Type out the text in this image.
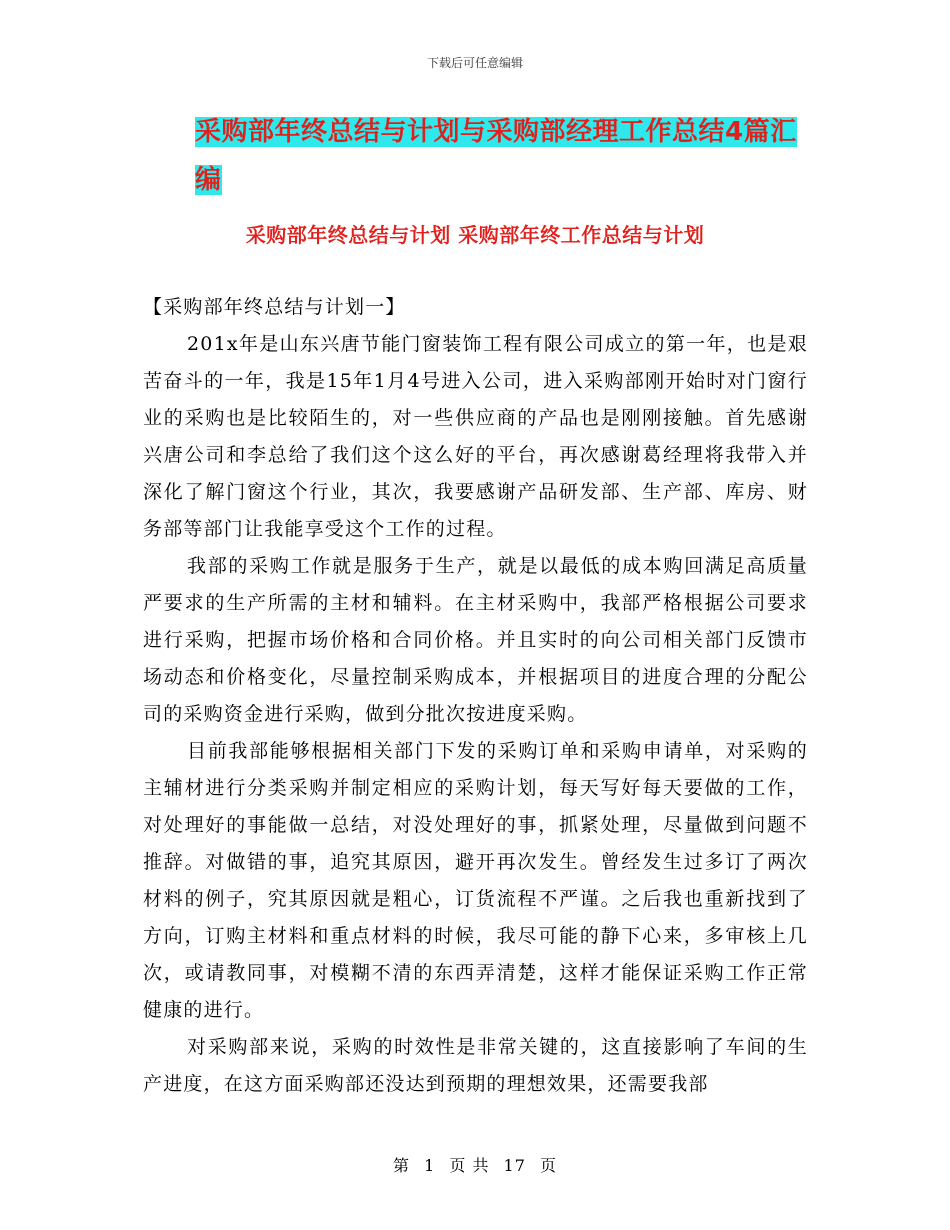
下载后可任意编辑
采购部年终总结与计划与采购部经理工作总结4篇汇编
采购部年终总结与计划 采购部年终工作总结与计划

【采购部年终总结与计划一】

201x年是山东兴唐节能门窗装饰工程有限公司成立的第一年，也是艰苦奋斗的一年，我是15年1月4号进入公司，进入采购部刚开始时对门窗行业的采购也是比较陌生的，对一些供应商的产品也是刚刚接触。首先感谢兴唐公司和李总给了我们这个这么好的平台，再次感谢葛经理将我带入并深化了解门窗这个行业，其次，我要感谢产品研发部、生产部、库房、财务部等部门让我能享受这个工作的过程。

我部的采购工作就是服务于生产，就是以最低的成本购回满足高质量严要求的生产所需的主材和辅料。在主材采购中，我部严格根据公司要求进行采购，把握市场价格和合同价格。并且实时的向公司相关部门反馈市场动态和价格变化，尽量控制采购成本，并根据项目的进度合理的分配公司的采购资金进行采购，做到分批次按进度采购。

目前我部能够根据相关部门下发的采购订单和采购申请单，对采购的主辅材进行分类采购并制定相应的采购计划，每天写好每天要做的工作，对处理好的事能做一总结，对没处理好的事，抓紧处理，尽量做到问题不推辞。对做错的事，追究其原因，避开再次发生。曾经发生过多订了两次材料的例子，究其原因就是粗心，订货流程不严谨。之后我也重新找到了方向，订购主材料和重点材料的时候，我尽可能的静下心来，多审核上几次，或请教同事，对模糊不清的东西弄清楚，这样才能保证采购工作正常健康的进行。

对采购部来说，采购的时效性是非常关键的，这直接影响了车间的生产进度，在这方面采购部还没达到预期的理想效果，还需要我部

第 1 页 共 17 页
